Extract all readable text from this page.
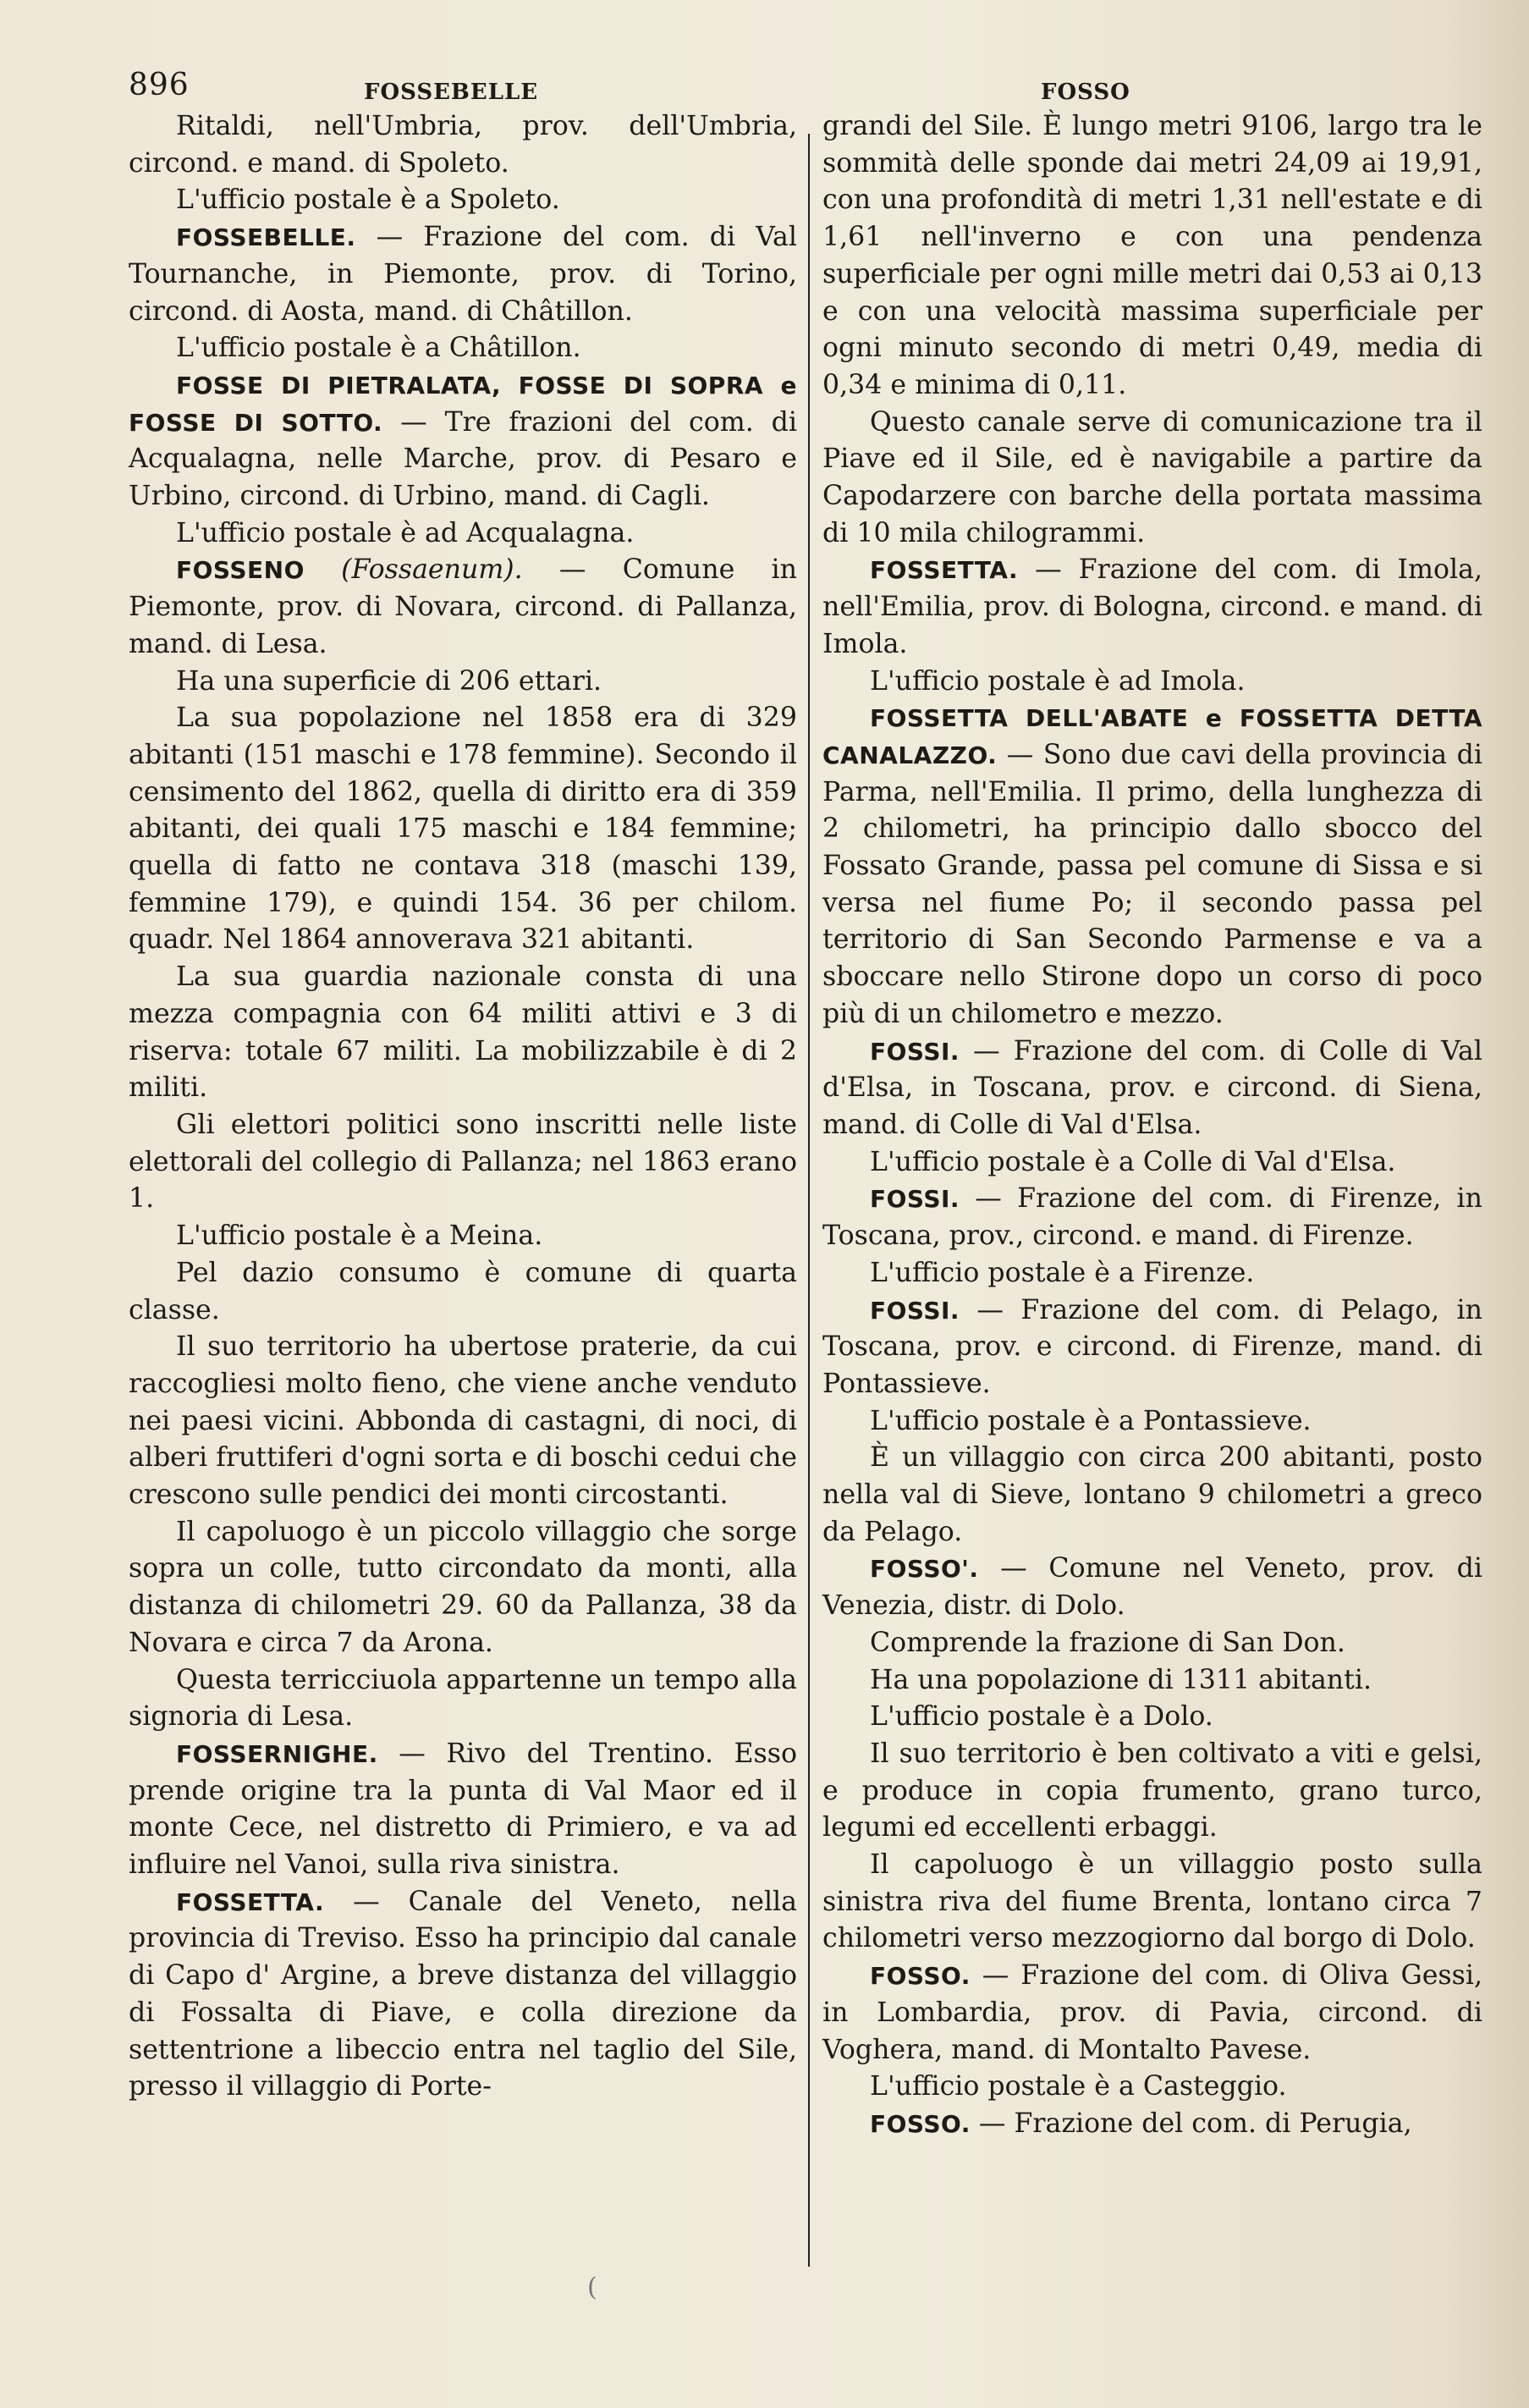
896	FOSSEBELLE	FOSSO

Ritaldi, nell'Umbria, prov. dell'Umbria, circond. e mand. di Spoleto.

L'ufficio postale è a Spoleto.

FOSSEBELLE. — Frazione del com. di Val Tournanche, in Piemonte, prov. di Torino, circond. di Aosta, mand. di Châtillon.

L'ufficio postale è a Châtillon.

FOSSE DI PIETRALATA, FOSSE DI SOPRA e FOSSE DI SOTTO. — Tre frazioni del com. di Acqualagna, nelle Marche, prov. di Pesaro e Urbino, circond. di Urbino, mand. di Cagli.

L'ufficio postale è ad Acqualagna.

FOSSENO (Fossaenum). — Comune in Piemonte, prov. di Novara, circond. di Pallanza, mand. di Lesa.

Ha una superficie di 206 ettari.

La sua popolazione nel 1858 era di 329 abitanti (151 maschi e 178 femmine). Secondo il censimento del 1862, quella di diritto era di 359 abitanti, dei quali 175 maschi e 184 femmine; quella di fatto ne contava 318 (maschi 139, femmine 179), e quindi 154. 36 per chilom. quadr. Nel 1864 annoverava 321 abitanti.

La sua guardia nazionale consta di una mezza compagnia con 64 militi attivi e 3 di riserva: totale 67 militi. La mobilizzabile è di 2 militi.

Gli elettori politici sono inscritti nelle liste elettorali del collegio di Pallanza; nel 1863 erano 1.

L'ufficio postale è a Meina.

Pel dazio consumo è comune di quarta classe.

Il suo territorio ha ubertose praterie, da cui raccogliesi molto fieno, che viene anche venduto nei paesi vicini. Abbonda di castagni, di noci, di alberi fruttiferi d'ogni sorta e di boschi cedui che crescono sulle pendici dei monti circostanti.

Il capoluogo è un piccolo villaggio che sorge sopra un colle, tutto circondato da monti, alla distanza di chilometri 29. 60 da Pallanza, 38 da Novara e circa 7 da Arona.

Questa terricciuola appartenne un tempo alla signoria di Lesa.

FOSSERNIGHE. — Rivo del Trentino. Esso prende origine tra la punta di Val Maor ed il monte Cece, nel distretto di Primiero, e va ad influire nel Vanoi, sulla riva sinistra.

FOSSETTA. — Canale del Veneto, nella provincia di Treviso. Esso ha principio dal canale di Capo d' Argine, a breve distanza del villaggio di Fossalta di Piave, e colla direzione da settentrione a libeccio entra nel taglio del Sile, presso il villaggio di Porte-

grandi del Sile. È lungo metri 9106, largo tra le sommità delle sponde dai metri 24,09 ai 19,91, con una profondità di metri 1,31 nell'estate e di 1,61 nell'inverno e con una pendenza superficiale per ogni mille metri dai 0,53 ai 0,13 e con una velocità massima superficiale per ogni minuto secondo di metri 0,49, media di 0,34 e minima di 0,11.

Questo canale serve di comunicazione tra il Piave ed il Sile, ed è navigabile a partire da Capodarzere con barche della portata massima di 10 mila chilogrammi.

FOSSETTA. — Frazione del com. di Imola, nell'Emilia, prov. di Bologna, circond. e mand. di Imola.

L'ufficio postale è ad Imola.

FOSSETTA DELL'ABATE e FOSSETTA DETTA CANALAZZO. — Sono due cavi della provincia di Parma, nell'Emilia. Il primo, della lunghezza di 2 chilometri, ha principio dallo sbocco del Fossato Grande, passa pel comune di Sissa e si versa nel fiume Po; il secondo passa pel territorio di San Secondo Parmense e va a sboccare nello Stirone dopo un corso di poco più di un chilometro e mezzo.

FOSSI. — Frazione del com. di Colle di Val d'Elsa, in Toscana, prov. e circond. di Siena, mand. di Colle di Val d'Elsa.

L'ufficio postale è a Colle di Val d'Elsa.

FOSSI. — Frazione del com. di Firenze, in Toscana, prov., circond. e mand. di Firenze.

L'ufficio postale è a Firenze.

FOSSI. — Frazione del com. di Pelago, in Toscana, prov. e circond. di Firenze, mand. di Pontassieve.

L'ufficio postale è a Pontassieve.

È un villaggio con circa 200 abitanti, posto nella val di Sieve, lontano 9 chilometri a greco da Pelago.

FOSSO'. — Comune nel Veneto, prov. di Venezia, distr. di Dolo.

Comprende la frazione di San Don.

Ha una popolazione di 1311 abitanti.

L'ufficio postale è a Dolo.

Il suo territorio è ben coltivato a viti e gelsi, e produce in copia frumento, grano turco, legumi ed eccellenti erbaggi.

Il capoluogo è un villaggio posto sulla sinistra riva del fiume Brenta, lontano circa 7 chilometri verso mezzogiorno dal borgo di Dolo.

FOSSO. — Frazione del com. di Oliva Gessi, in Lombardia, prov. di Pavia, circond. di Voghera, mand. di Montalto Pavese.

L'ufficio postale è a Casteggio.

FOSSO. — Frazione del com. di Perugia,

(
